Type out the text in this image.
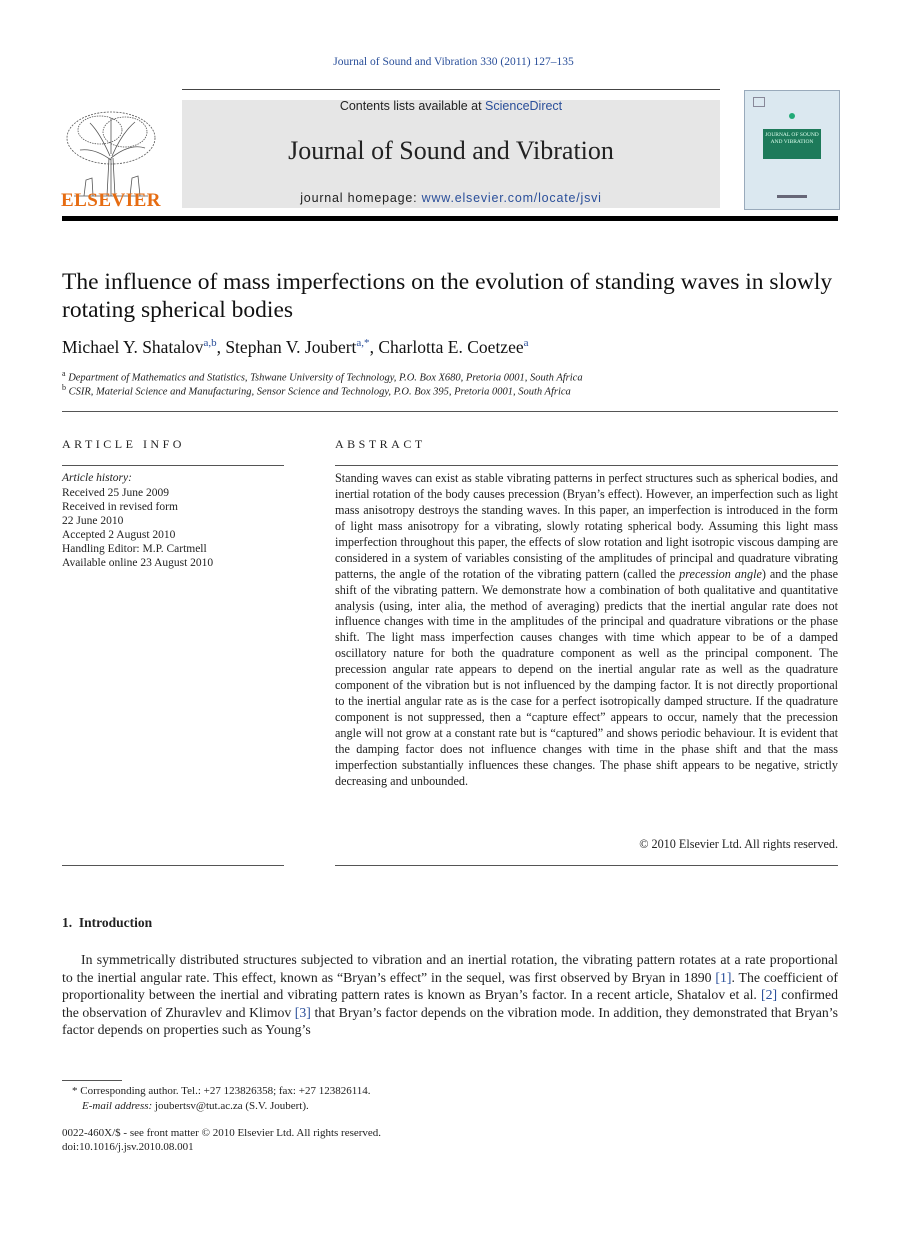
Journal of Sound and Vibration 330 (2011) 127–135
ELSEVIER
Contents lists available at ScienceDirect
Journal of Sound and Vibration
journal homepage: www.elsevier.com/locate/jsvi
JOURNAL OF SOUND AND VIBRATION
The influence of mass imperfections on the evolution of standing waves in slowly rotating spherical bodies
Michael Y. Shatalov$^{a,b}$, Stephan V. Joubert$^{a,*}$, Charlotta E. Coetzee$^a$
$^a$ Department of Mathematics and Statistics, Tshwane University of Technology, P.O. Box X680, Pretoria 0001, South Africa
$^b$ CSIR, Material Science and Manufacturing, Sensor Science and Technology, P.O. Box 395, Pretoria 0001, South Africa
ARTICLE INFO
Article history:
Received 25 June 2009
Received in revised form
22 June 2010
Accepted 2 August 2010
Handling Editor: M.P. Cartmell
Available online 23 August 2010
ABSTRACT
Standing waves can exist as stable vibrating patterns in perfect structures such as spherical bodies, and inertial rotation of the body causes precession (Bryan’s effect). However, an imperfection such as light mass anisotropy destroys the standing waves. In this paper, an imperfection is introduced in the form of light mass anisotropy for a vibrating, slowly rotating spherical body. Assuming this light mass imperfection throughout this paper, the effects of slow rotation and light isotropic viscous damping are considered in a system of variables consisting of the amplitudes of principal and quadrature vibrating patterns, the angle of the rotation of the vibrating pattern (called the precession angle) and the phase shift of the vibrating pattern. We demonstrate how a combination of both qualitative and quantitative analysis (using, inter alia, the method of averaging) predicts that the inertial angular rate does not influence changes with time in the amplitudes of the principal and quadrature vibrations or the phase shift. The light mass imperfection causes changes with time which appear to be of a damped oscillatory nature for both the quadrature component as well as the principal component. The precession angular rate appears to depend on the inertial angular rate as well as the quadrature component of the vibration but is not influenced by the damping factor. It is not directly proportional to the inertial angular rate as is the case for a perfect isotropically damped structure. If the quadrature component is not suppressed, then a “capture effect” appears to occur, namely that the precession angle will not grow at a constant rate but is “captured” and shows periodic behaviour. It is evident that the damping factor does not influence changes with time in the phase shift and that the mass imperfection substantially influences these changes. The phase shift appears to be negative, strictly decreasing and unbounded.
© 2010 Elsevier Ltd. All rights reserved.
1. Introduction

In symmetrically distributed structures subjected to vibration and an inertial rotation, the vibrating pattern rotates at a rate proportional to the inertial angular rate. This effect, known as “Bryan’s effect” in the sequel, was first observed by Bryan in 1890 [1]. The coefficient of proportionality between the inertial and vibrating pattern rates is known as Bryan’s factor. In a recent article, Shatalov et al. [2] confirmed the observation of Zhuravlev and Klimov [3] that Bryan’s factor depends on the vibration mode. In addition, they demonstrated that Bryan’s factor depends on properties such as Young’s

* Corresponding author. Tel.: +27 123826358; fax: +27 123826114.
E-mail address: joubertsv@tut.ac.za (S.V. Joubert).
0022-460X/$ - see front matter © 2010 Elsevier Ltd. All rights reserved.
doi:10.1016/j.jsv.2010.08.001
